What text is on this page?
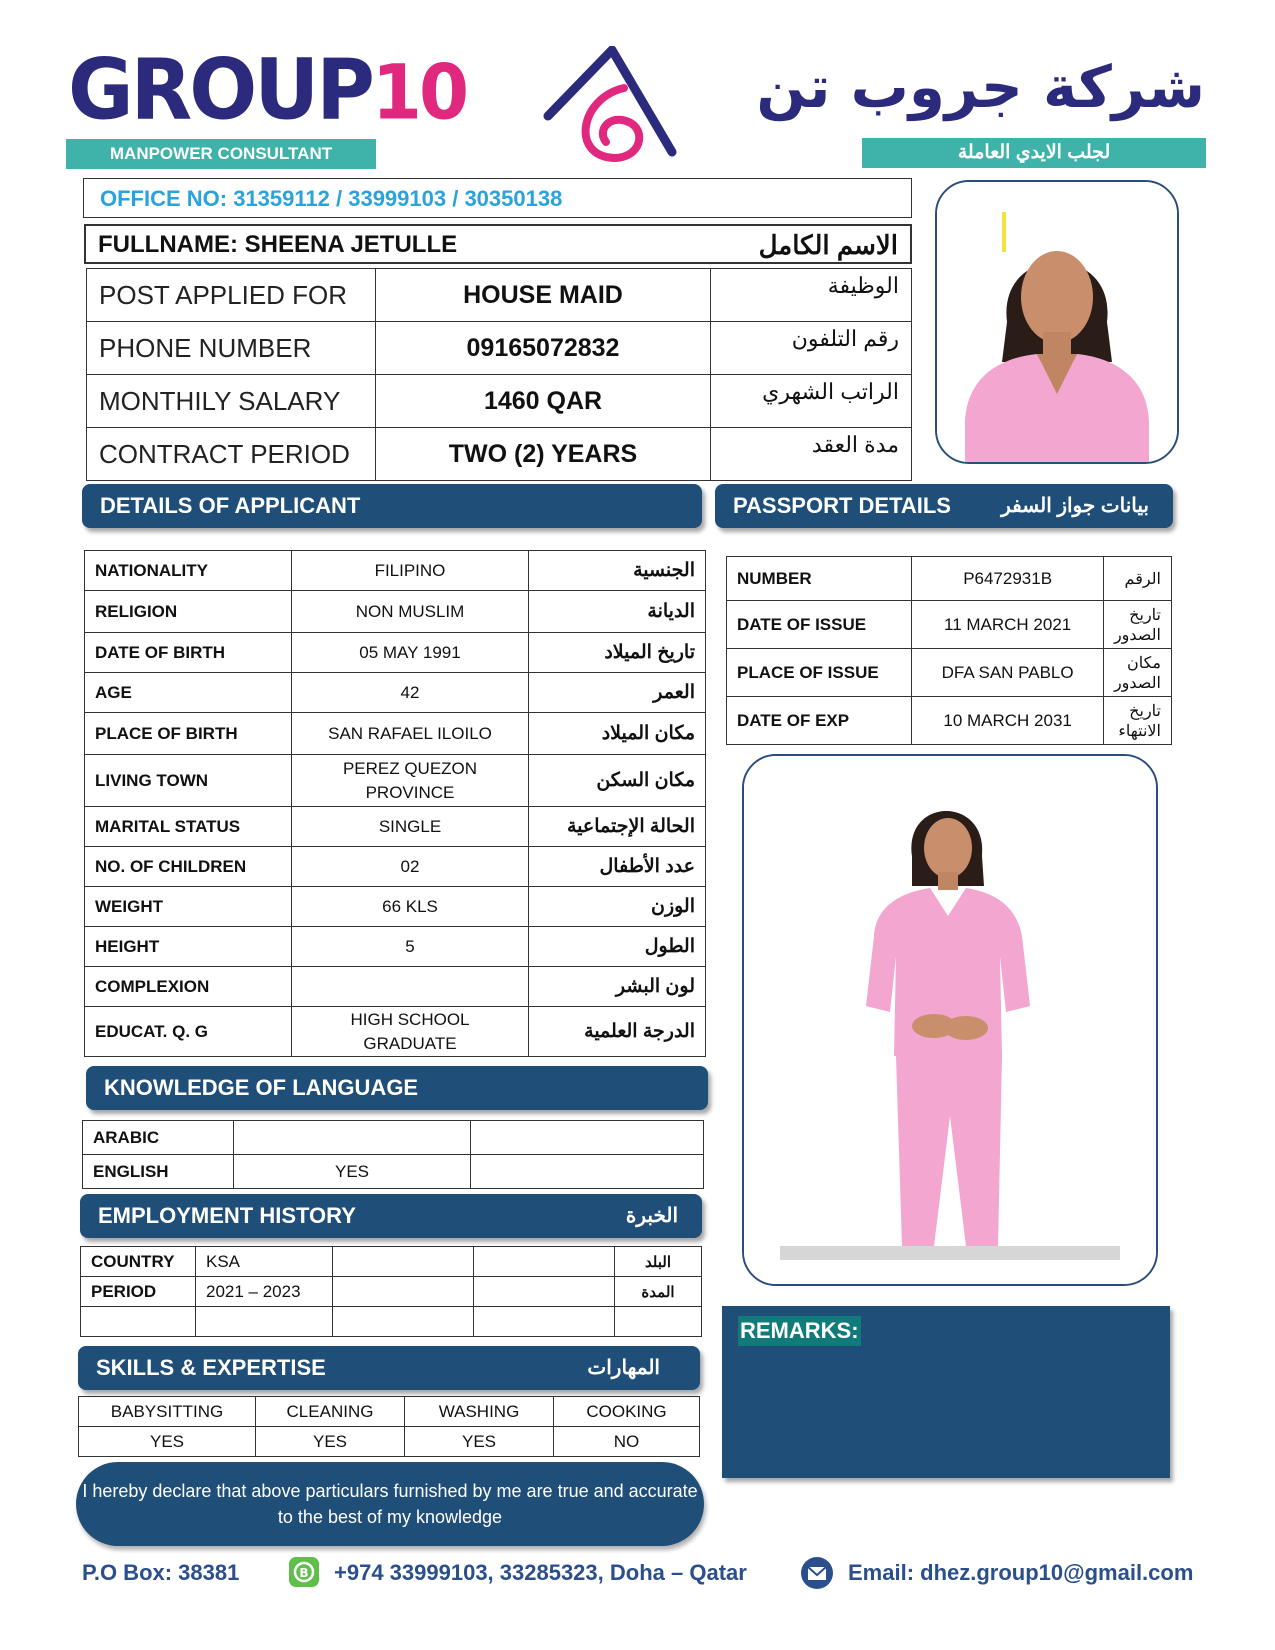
GROUP10
MANPOWER CONSULTANT
شركة جروب تن
لجلب الايدي العاملة
OFFICE NO: 31359112 / 33999103 / 30350138
FULLNAME: SHEENA JETULLE	الاسم الكامل
POST APPLIED FOR	HOUSE MAID	الوظيفة
PHONE NUMBER	09165072832	رقم التلفون
MONTHILY SALARY	1460 QAR	الراتب الشهري
CONTRACT PERIOD	TWO (2) YEARS	مدة العقد
DETAILS OF APPLICANT
NATIONALITY	FILIPINO	الجنسية
RELIGION	NON MUSLIM	الديانة
DATE OF BIRTH	05 MAY 1991	تاريخ الميلاد
AGE	42	العمر
PLACE OF BIRTH	SAN RAFAEL ILOILO	مكان الميلاد
LIVING TOWN	PEREZ QUEZON PROVINCE	مكان السكن
MARITAL STATUS	SINGLE	الحالة الإجتماعية
NO. OF CHILDREN	02	عدد الأطفال
WEIGHT	66 KLS	الوزن
HEIGHT	5	الطول
COMPLEXION		لون البشر
EDUCAT. Q. G	HIGH SCHOOL GRADUATE	الدرجة العلمية
PASSPORT DETAILS	بيانات جواز السفر
NUMBER	P6472931B	الرقم
DATE OF ISSUE	11 MARCH 2021	تاريخ الصدور
PLACE OF ISSUE	DFA SAN PABLO	مكان الصدور
DATE OF EXP	10 MARCH 2031	تاريخ الانتهاء
KNOWLEDGE OF LANGUAGE
ARABIC		
ENGLISH	YES	
EMPLOYMENT HISTORY	الخبرة
COUNTRY	KSA			البلد
PERIOD	2021 – 2023			المدة

SKILLS & EXPERTISE	المهارات
BABYSITTING	CLEANING	WASHING	COOKING
YES	YES	YES	NO
REMARKS:
I hereby declare that above particulars furnished by me are true and accurate to the best of my knowledge
P.O Box: 38381	B +974 33999103, 33285323, Doha – Qatar	Email: dhez.group10@gmail.com
